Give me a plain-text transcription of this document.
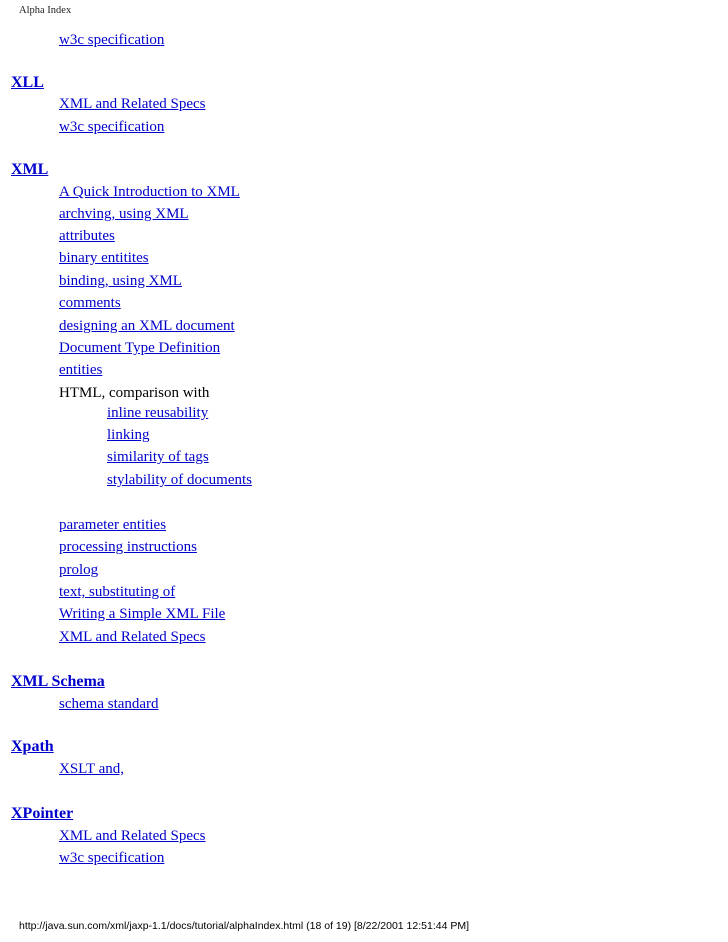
Alpha Index
w3c specification
XLL
XML and Related Specs
w3c specification
XML
A Quick Introduction to XML
archving, using XML
attributes
binary entitites
binding, using XML
comments
designing an XML document
Document Type Definition
entities
HTML, comparison with
inline reusability
linking
similarity of tags
stylability of documents
parameter entities
processing instructions
prolog
text, substituting of
Writing a Simple XML File
XML and Related Specs
XML Schema
schema standard
Xpath
XSLT and,
XPointer
XML and Related Specs
w3c specification
http://java.sun.com/xml/jaxp-1.1/docs/tutorial/alphaIndex.html (18 of 19) [8/22/2001 12:51:44 PM]
